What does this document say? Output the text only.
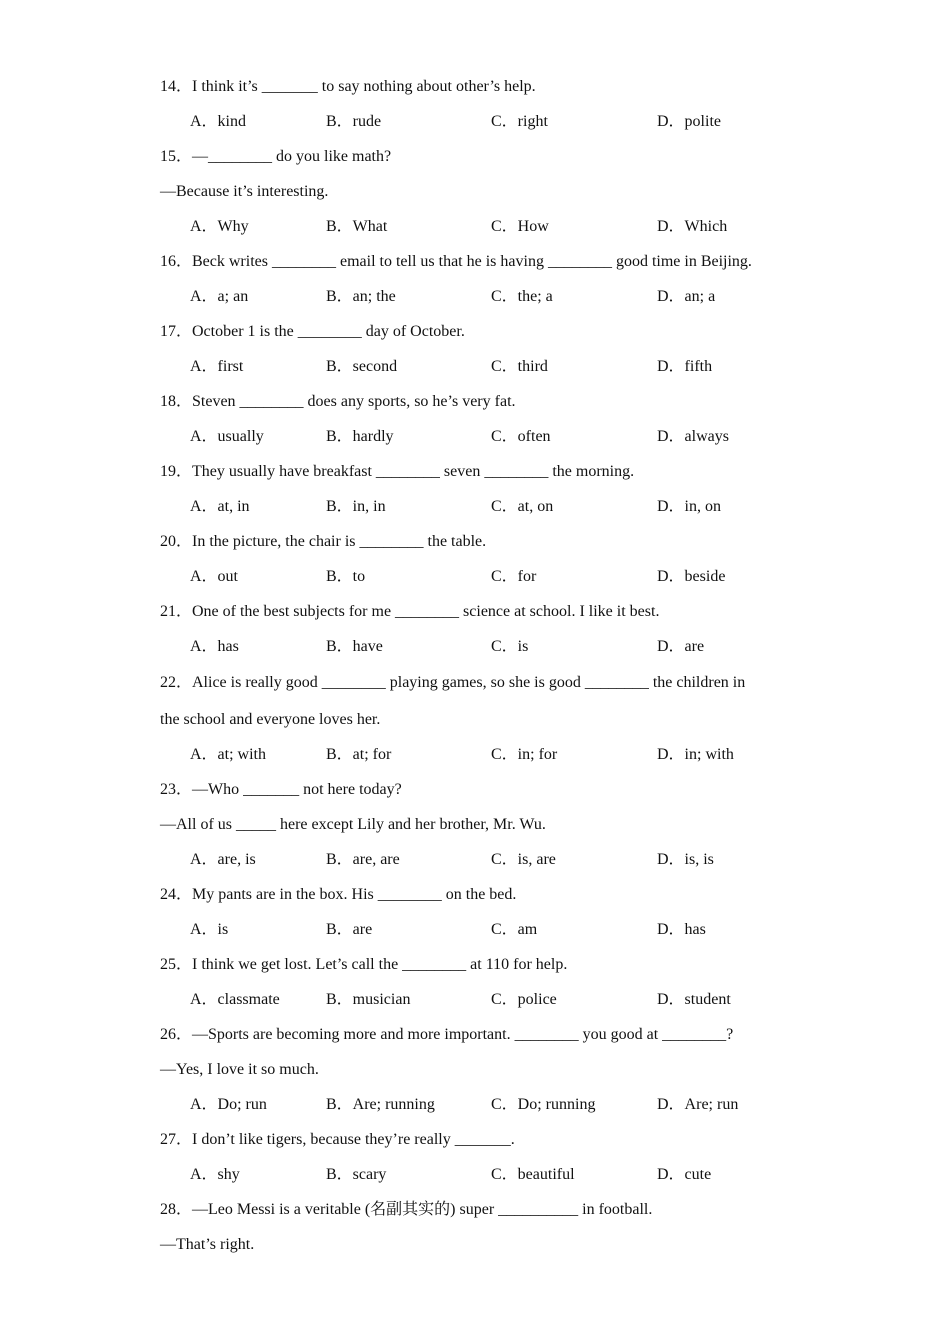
14．I think it’s _______ to say nothing about other’s help.
A．kind	B．rude	C．right	D．polite
15．—________ do you like math?
—Because it’s interesting.
A．Why	B．What	C．How	D．Which
16．Beck writes ________ email to tell us that he is having ________ good time in Beijing.
A．a; an	B．an; the	C．the; a	D．an; a
17．October 1 is the ________ day of October.
A．first	B．second	C．third	D．fifth
18．Steven ________ does any sports, so he’s very fat.
A．usually	B．hardly	C．often	D．always
19．They usually have breakfast ________ seven ________ the morning.
A．at, in	B．in, in	C．at, on	D．in, on
20．In the picture, the chair is ________ the table.
A．out	B．to	C．for	D．beside
21．One of the best subjects for me ________ science at school. I like it best.
A．has	B．have	C．is	D．are
22．Alice is really good ________ playing games, so she is good ________ the children in
the school and everyone loves her.
A．at; with	B．at; for	C．in; for	D．in; with
23．—Who _______ not here today?
—All of us _____ here except Lily and her brother, Mr. Wu.
A．are, is	B．are, are	C．is, are	D．is, is
24．My pants are in the box. His ________ on the bed.
A．is	B．are	C．am	D．has
25．I think we get lost. Let’s call the ________ at 110 for help.
A．classmate	B．musician	C．police	D．student
26．—Sports are becoming more and more important. ________ you good at ________?
—Yes, I love it so much.
A．Do; run	B．Are; running	C．Do; running	D．Are; run
27．I don’t like tigers, because they’re really _______.
A．shy	B．scary	C．beautiful	D．cute
28．—Leo Messi is a veritable (名副其实的) super __________ in football.
—That’s right.
